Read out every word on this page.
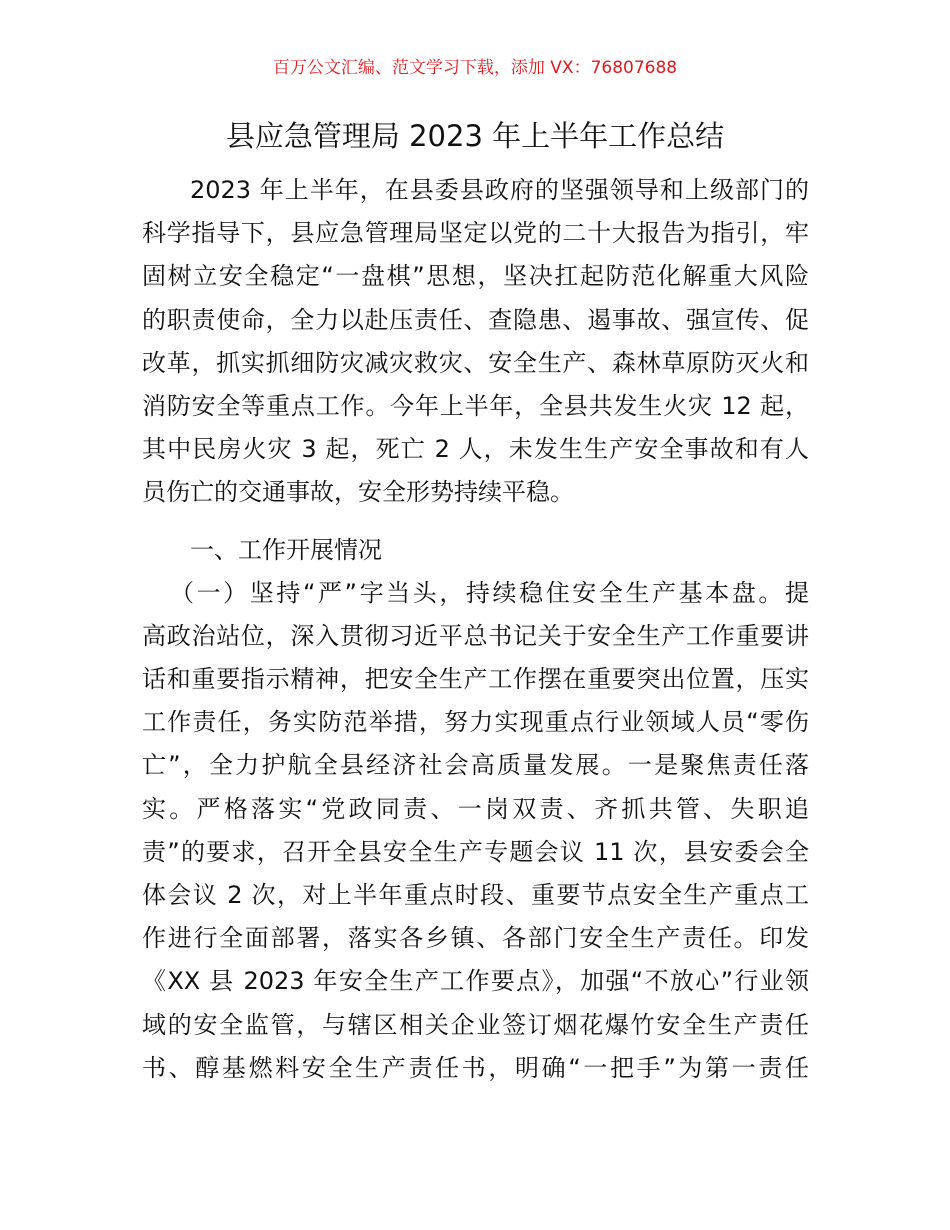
百万公文汇编、范文学习下载，添加 VX：76807688
县应急管理局 2023 年上半年工作总结
2023 年上半年，在县委县政府的坚强领导和上级部门的
科学指导下，县应急管理局坚定以党的二十大报告为指引，牢
固树立安全稳定“一盘棋”思想，坚决扛起防范化解重大风险
的职责使命，全力以赴压责任、查隐患、遏事故、强宣传、促
改革，抓实抓细防灾减灾救灾、安全生产、森林草原防灭火和
消防安全等重点工作。今年上半年，全县共发生火灾 12 起，
其中民房火灾 3 起，死亡 2 人，未发生生产安全事故和有人
员伤亡的交通事故，安全形势持续平稳。
一、工作开展情况
（一）坚持“严”字当头，持续稳住安全生产基本盘。提
高政治站位，深入贯彻习近平总书记关于安全生产工作重要讲
话和重要指示精神，把安全生产工作摆在重要突出位置，压实
工作责任，务实防范举措，努力实现重点行业领域人员“零伤
亡”，全力护航全县经济社会高质量发展。一是聚焦责任落
实。严格落实“党政同责、一岗双责、齐抓共管、失职追
责”的要求，召开全县安全生产专题会议 11 次，县安委会全
体会议 2 次，对上半年重点时段、重要节点安全生产重点工
作进行全面部署，落实各乡镇、各部门安全生产责任。印发
《XX 县 2023 年安全生产工作要点》，加强“不放心”行业领
域的安全监管，与辖区相关企业签订烟花爆竹安全生产责任
书、醇基燃料安全生产责任书，明确“一把手”为第一责任
